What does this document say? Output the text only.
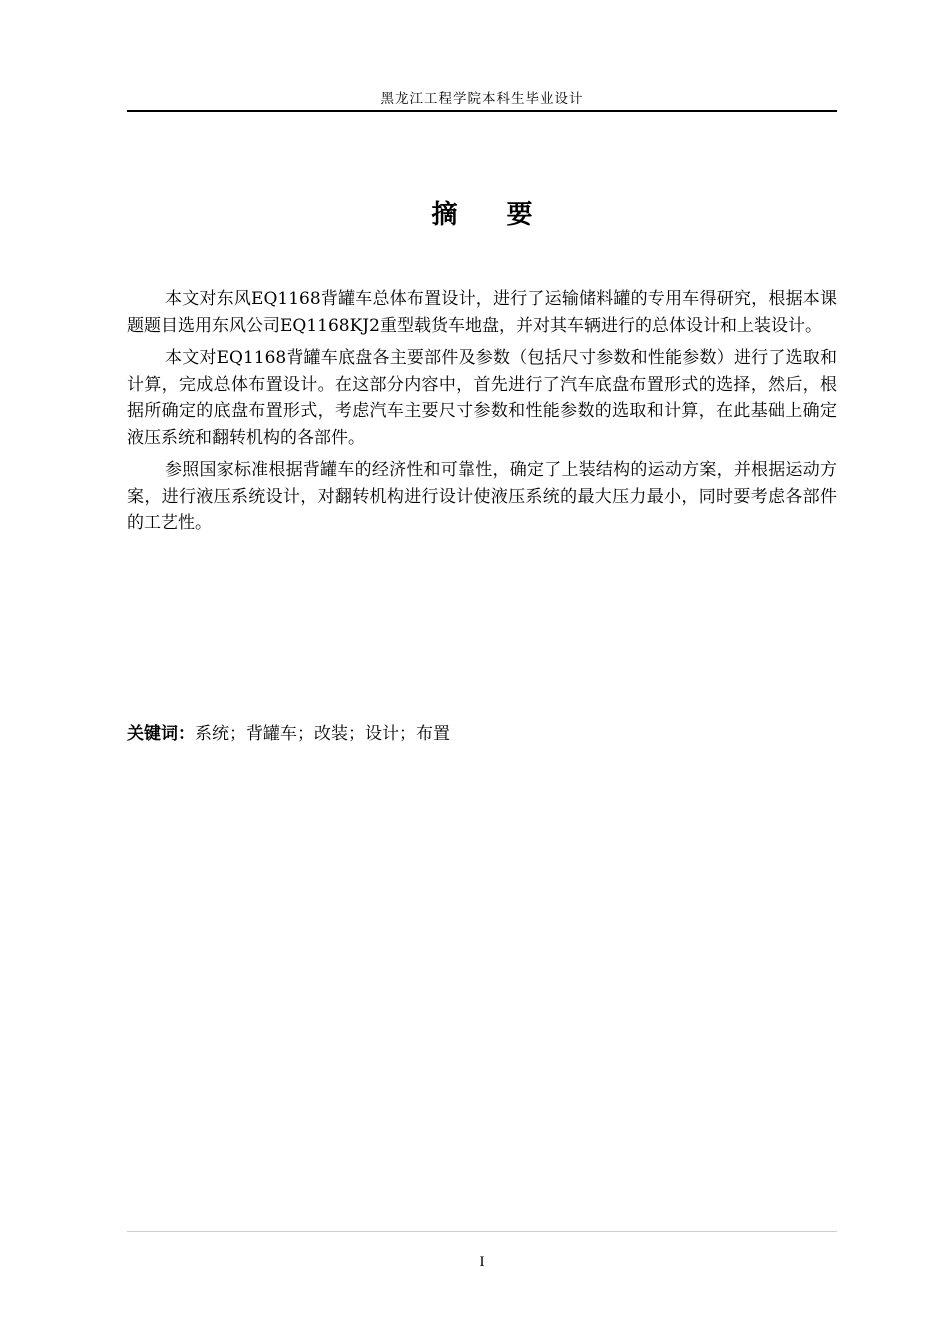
黑龙江工程学院本科生毕业设计
摘 要

本文对东风EQ1168背罐车总体布置设计，进行了运输储料罐的专用车得研究，根据本课题题目选用东风公司EQ1168KJ2重型载货车地盘，并对其车辆进行的总体设计和上装设计。

本文对EQ1168背罐车底盘各主要部件及参数（包括尺寸参数和性能参数）进行了选取和计算，完成总体布置设计。在这部分内容中，首先进行了汽车底盘布置形式的选择，然后，根据所确定的底盘布置形式，考虑汽车主要尺寸参数和性能参数的选取和计算，在此基础上确定液压系统和翻转机构的各部件。

参照国家标准根据背罐车的经济性和可靠性，确定了上装结构的运动方案，并根据运动方案，进行液压系统设计，对翻转机构进行设计使液压系统的最大压力最小，同时要考虑各部件的工艺性。

关键词：系统；背罐车；改装；设计；布置
I
